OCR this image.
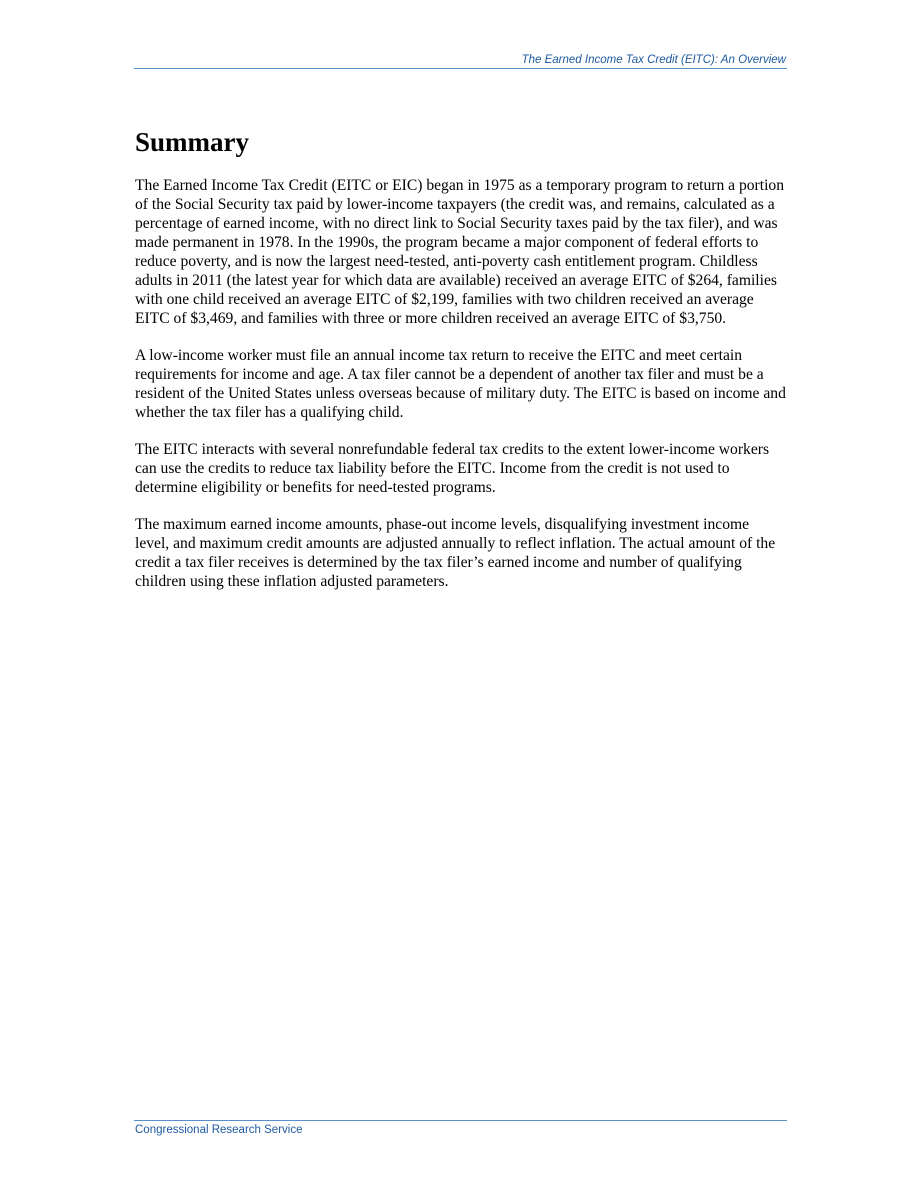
The Earned Income Tax Credit (EITC): An Overview
Summary

The Earned Income Tax Credit (EITC or EIC) began in 1975 as a temporary program to return a portion of the Social Security tax paid by lower-income taxpayers (the credit was, and remains, calculated as a percentage of earned income, with no direct link to Social Security taxes paid by the tax filer), and was made permanent in 1978. In the 1990s, the program became a major component of federal efforts to reduce poverty, and is now the largest need-tested, anti-poverty cash entitlement program. Childless adults in 2011 (the latest year for which data are available) received an average EITC of $264, families with one child received an average EITC of $2,199, families with two children received an average EITC of $3,469, and families with three or more children received an average EITC of $3,750.

A low-income worker must file an annual income tax return to receive the EITC and meet certain requirements for income and age. A tax filer cannot be a dependent of another tax filer and must be a resident of the United States unless overseas because of military duty. The EITC is based on income and whether the tax filer has a qualifying child.

The EITC interacts with several nonrefundable federal tax credits to the extent lower-income workers can use the credits to reduce tax liability before the EITC. Income from the credit is not used to determine eligibility or benefits for need-tested programs.

The maximum earned income amounts, phase-out income levels, disqualifying investment income level, and maximum credit amounts are adjusted annually to reflect inflation. The actual amount of the credit a tax filer receives is determined by the tax filer’s earned income and number of qualifying children using these inflation adjusted parameters.

Congressional Research Service
